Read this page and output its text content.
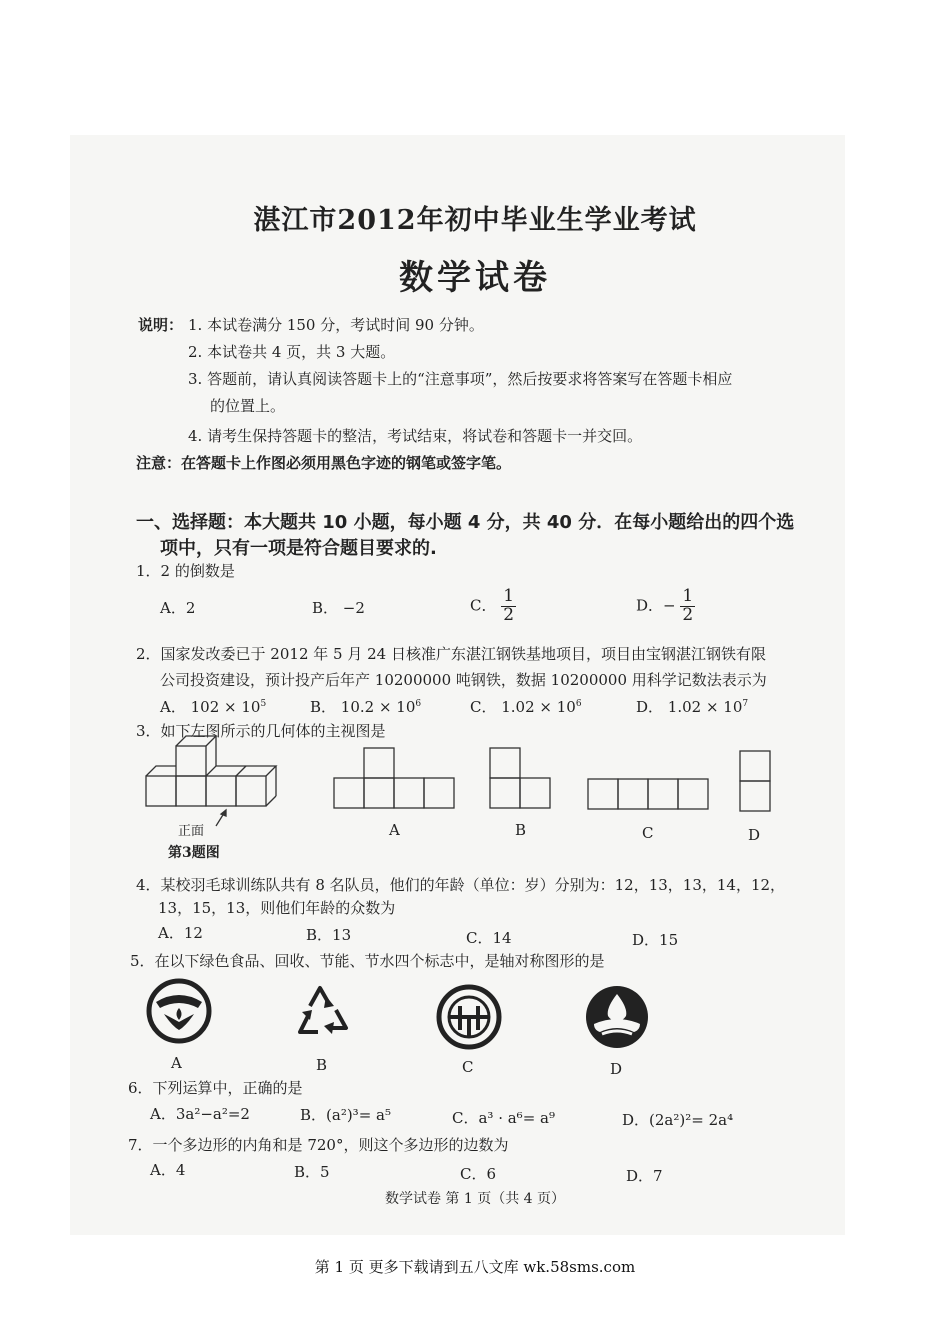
湛江市2012年初中毕业生学业考试
数学试卷
说明： 1. 本试卷满分 150 分，考试时间 90 分钟。
2. 本试卷共 4 页，共 3 大题。
3. 答题前，请认真阅读答题卡上的“注意事项”，然后按要求将答案写在答题卡相应
的位置上。
4. 请考生保持答题卡的整洁，考试结束，将试卷和答题卡一并交回。
注意：在答题卡上作图必须用黑色字迹的钢笔或签字笔。
一、选择题：本大题共 10 小题，每小题 4 分，共 40 分．在每小题给出的四个选
项中，只有一项是符合题目要求的.
1．2 的倒数是
A．2	B． −2	C． $\frac{1}{2}$	D．− $\frac{1}{2}$
2．国家发改委已于 2012 年 5 月 24 日核准广东湛江钢铁基地项目，项目由宝钢湛江钢铁有限
公司投资建设，预计投产后年产 10200000 吨钢铁，数据 10200000 用科学记数法表示为
A． $102 \times 10^5$	B． $10.2 \times 10^6$	C． $1.02 \times 10^6$	D． $1.02 \times 10^7$
3．如下左图所示的几何体的主视图是
正面
第3题图
A	B	C	D
4．某校羽毛球训练队共有 8 名队员，他们的年龄（单位：岁）分别为：12，13，13，14，12，
13，15，13，则他们年龄的众数为
A．12	B．13	C．14	D．15
5．在以下绿色食品、回收、节能、节水四个标志中，是轴对称图形的是
A	B	C	D
6．下列运算中，正确的是
A．3a²−a²=2	B．(a²)³= a⁵	C．a³ · a⁶= a⁹	D．(2a²)²= 2a⁴
7．一个多边形的内角和是 720°，则这个多边形的边数为
A．4	B．5	C．6	D．7
数学试卷 第 1 页（共 4 页）
第 1 页 更多下载请到五八文库 wk.58sms.com
